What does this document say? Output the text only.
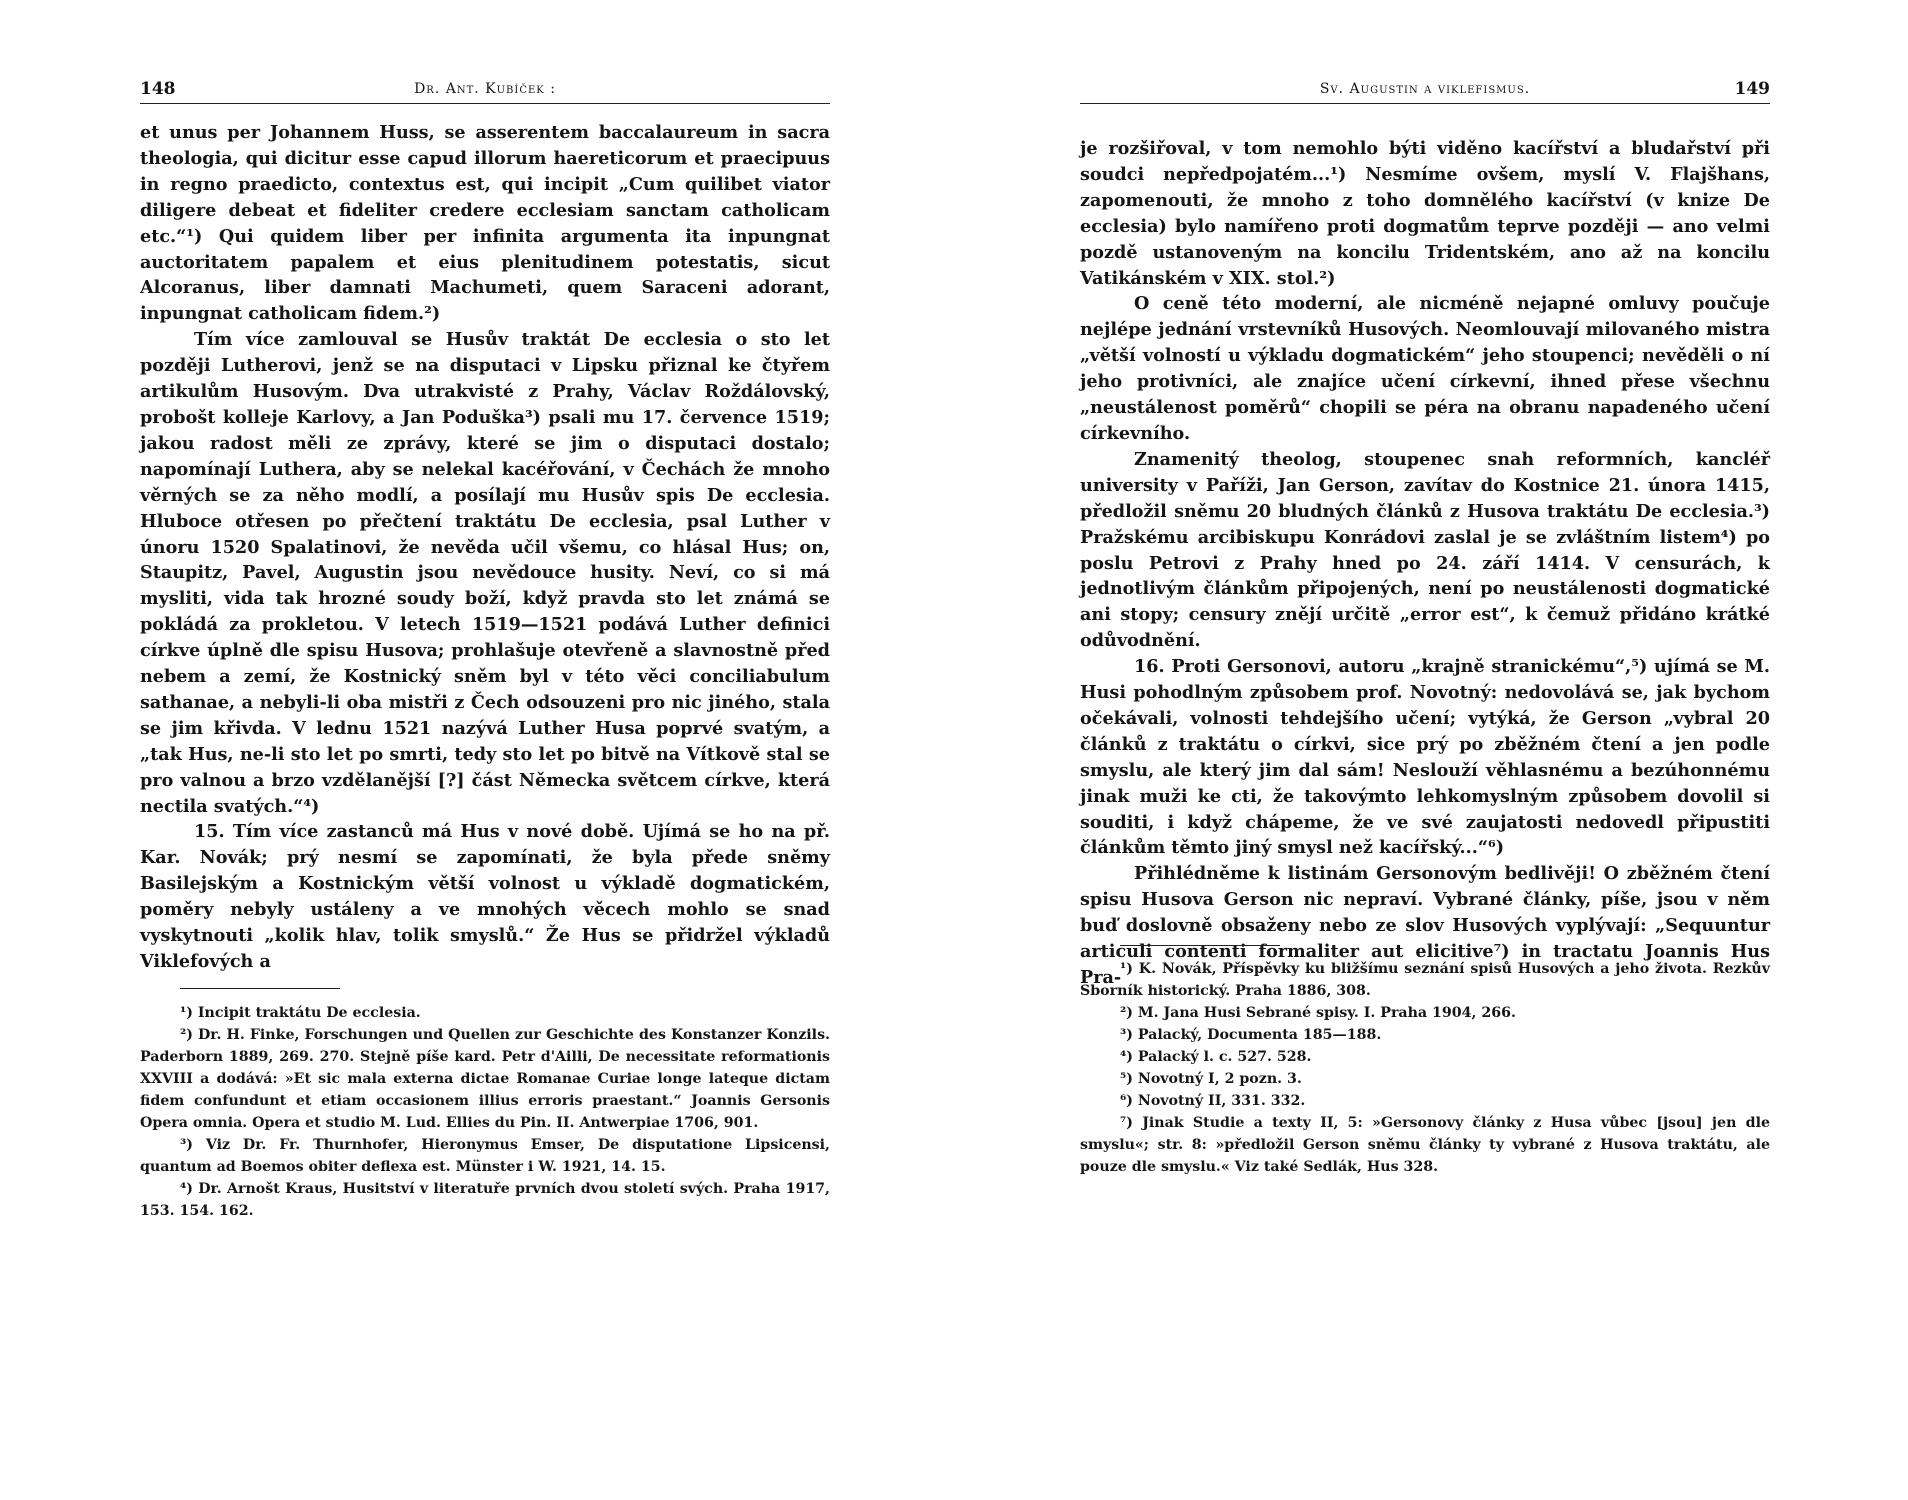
148	Dr. Ant. Kubíček :

et unus per Johannem Huss, se asserentem baccalaureum in sacra theologia, qui dicitur esse capud illorum haereticorum et praecipuus in regno praedicto, contextus est, qui incipit „Cum quilibet viator diligere debeat et fideliter credere ecclesiam sanctam catholicam etc.“¹) Qui quidem liber per infinita argumenta ita inpungnat auctoritatem papalem et eius plenitudinem potestatis, sicut Alcoranus, liber damnati Machumeti, quem Saraceni adorant, inpungnat catholicam fidem.²)

Tím více zamlouval se Husův traktát De ecclesia o sto let později Lutherovi, jenž se na disputaci v Lipsku přiznal ke čtyřem artikulům Husovým. Dva utrakvisté z Prahy, Václav Roždálovský, probošt kolleje Karlovy, a Jan Poduška³) psali mu 17. července 1519; jakou radost měli ze zprávy, které se jim o disputaci dostalo; napomínají Luthera, aby se nelekal kacéřování, v Čechách že mnoho věrných se za něho modlí, a posílají mu Husův spis De ecclesia. Hluboce otřesen po přečtení traktátu De ecclesia, psal Luther v únoru 1520 Spalatinovi, že nevěda učil všemu, co hlásal Hus; on, Staupitz, Pavel, Augustin jsou nevědouce husity. Neví, co si má mysliti, vida tak hrozné soudy boží, když pravda sto let známá se pokládá za prokletou. V letech 1519—1521 podává Luther definici církve úplně dle spisu Husova; prohlašuje otevřeně a slavnostně před nebem a zemí, že Kostnický sněm byl v této věci conciliabulum sathanae, a nebyli-li oba mistři z Čech odsouzeni pro nic jiného, stala se jim křivda. V lednu 1521 nazývá Luther Husa poprvé svatým, a „tak Hus, ne-li sto let po smrti, tedy sto let po bitvě na Vítkově stal se pro valnou a brzo vzdělanější [?] část Německa světcem církve, která nectila svatých.“⁴)

15. Tím více zastanců má Hus v nové době. Ujímá se ho na př. Kar. Novák; prý nesmí se zapomínati, že byla přede sněmy Basilejským a Kostnickým větší volnost u výkladě dogmatickém, poměry nebyly ustáleny a ve mnohých věcech mohlo se snad vyskytnouti „kolik hlav, tolik smyslů.“ Že Hus se přidržel výkladů Viklefových a

¹) Incipit traktátu De ecclesia.

²) Dr. H. Finke, Forschungen und Quellen zur Geschichte des Konstanzer Konzils. Paderborn 1889, 269. 270. Stejně píše kard. Petr d'Ailli, De necessitate reformationis XXVIII a dodává: »Et sic mala externa dictae Romanae Curiae longe lateque dictam fidem confundunt et etiam occasionem illius erroris praestant.“ Joannis Gersonis Opera omnia. Opera et studio M. Lud. Ellies du Pin. II. Antwerpiae 1706, 901.

³) Viz Dr. Fr. Thurnhofer, Hieronymus Emser, De disputatione Lipsicensi, quantum ad Boemos obiter deflexa est. Münster i W. 1921, 14. 15.

⁴) Dr. Arnošt Kraus, Husitství v literatuře prvních dvou století svých. Praha 1917, 153. 154. 162.

Sv. Augustin a viklefismus.	149

je rozšiřoval, v tom nemohlo býti viděno kacířství a bludařství při soudci nepředpojatém...¹) Nesmíme ovšem, myslí V. Flajšhans, zapomenouti, že mnoho z toho domnělého kacířství (v knize De ecclesia) bylo namířeno proti dogmatům teprve později — ano velmi pozdě ustanoveným na koncilu Tridentském, ano až na koncilu Vatikánském v XIX. stol.²)

O ceně této moderní, ale nicméně nejapné omluvy poučuje nejlépe jednání vrstevníků Husových. Neomlouvají milovaného mistra „větší volností u výkladu dogmatickém“ jeho stoupenci; nevěděli o ní jeho protivníci, ale znajíce učení církevní, ihned přese všechnu „neustálenost poměrů“ chopili se péra na obranu napadeného učení církevního.

Znamenitý theolog, stoupenec snah reformních, kancléř university v Paříži, Jan Gerson, zavítav do Kostnice 21. února 1415, předložil sněmu 20 bludných článků z Husova traktátu De ecclesia.³) Pražskému arcibiskupu Konrádovi zaslal je se zvláštním listem⁴) po poslu Petrovi z Prahy hned po 24. září 1414. V censurách, k jednotlivým článkům připojených, není po neustálenosti dogmatické ani stopy; censury znějí určitě „error est“, k čemuž přidáno krátké odůvodnění.

16. Proti Gersonovi, autoru „krajně stranickému“,⁵) ujímá se M. Husi pohodlným způsobem prof. Novotný: nedovolává se, jak bychom očekávali, volnosti tehdejšího učení; vytýká, že Gerson „vybral 20 článků z traktátu o církvi, sice prý po zběžném čtení a jen podle smyslu, ale který jim dal sám! Neslouží věhlasnému a bezúhonnému jinak muži ke cti, že takovýmto lehkomyslným způsobem dovolil si souditi, i když chápeme, že ve své zaujatosti nedovedl připustiti článkům těmto jiný smysl než kacířský...“⁶)

Přihlédněme k listinám Gersonovým bedlivěji! O zběžném čtení spisu Husova Gerson nic nepraví. Vybrané články, píše, jsou v něm buď doslovně obsaženy nebo ze slov Husových vyplývají: „Sequuntur articuli contenti formaliter aut elicitive⁷) in tractatu Joannis Hus Pra-

¹) K. Novák, Příspěvky ku bližšímu seznání spisů Husových a jeho života. Rezkův Sborník historický. Praha 1886, 308.

²) M. Jana Husi Sebrané spisy. I. Praha 1904, 266.

³) Palacký, Documenta 185—188.

⁴) Palacký l. c. 527. 528.

⁵) Novotný I, 2 pozn. 3.

⁶) Novotný II, 331. 332.

⁷) Jinak Studie a texty II, 5: »Gersonovy články z Husa vůbec [jsou] jen dle smyslu«; str. 8: »předložil Gerson sněmu články ty vybrané z Husova traktátu, ale pouze dle smyslu.« Viz také Sedlák, Hus 328.
